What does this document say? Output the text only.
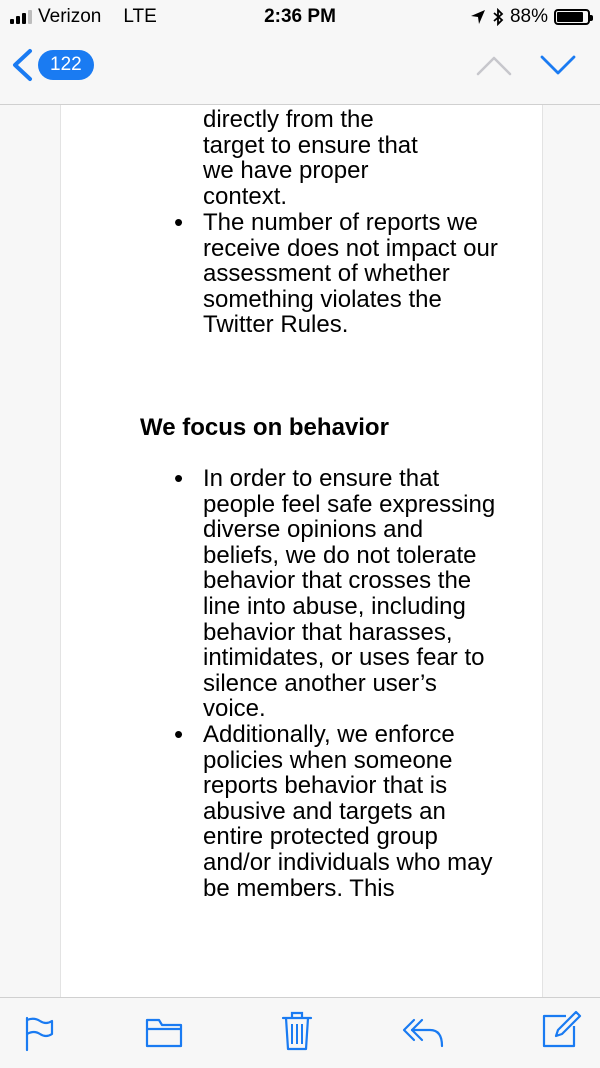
Verizon LTE	2:36 PM	88%
122
directly from the
target to ensure that
we have proper
context.
• The number of reports we receive does not impact our assessment of whether something violates the Twitter Rules.
We focus on behavior
• In order to ensure that people feel safe expressing diverse opinions and beliefs, we do not tolerate behavior that crosses the line into abuse, including behavior that harasses, intimidates, or uses fear to silence another user’s voice.
• Additionally, we enforce policies when someone reports behavior that is abusive and targets an entire protected group and/or individuals who may be members. This
